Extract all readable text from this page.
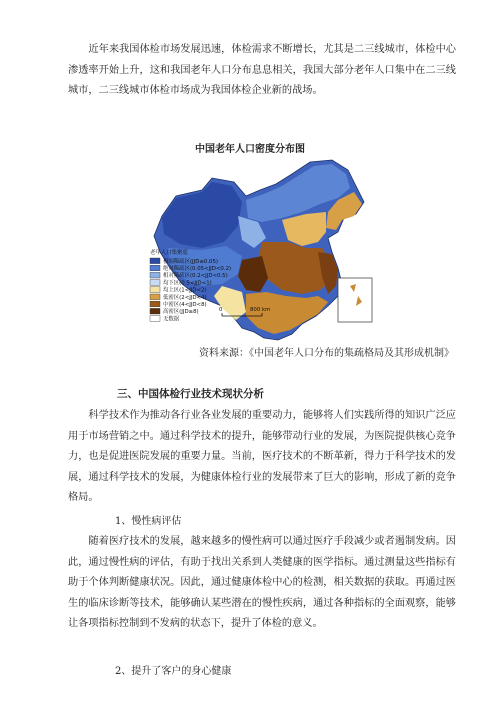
近年来我国体检市场发展迅速，体检需求不断增长，尤其是二三线城市，体检中心渗透率开始上升，这和我国老年人口分布息息相关，我国大部分老年人口集中在二三线城市，二三线城市体检市场成为我国体检企业新的战场。

中国老年人口密度分布图
老年人口集聚度
极端稀疏区(JJD≤0.05)
绝对稀疏区(0.05<JJD<0.2)
相对稀疏区(0.2<JJD<0.5)
均下区(0.5<JJD<1)
均上区(1<JJD<2)
低密区(2<JJD<4)
中密区(4<JJD<8)
高密区(JJD≥8)
无数据
0	800 km
资料来源：《中国老年人口分布的集疏格局及其形成机制》
三、中国体检行业技术现状分析

科学技术作为推动各行业各业发展的重要动力，能够将人们实践所得的知识广泛应用于市场营销之中。通过科学技术的提升，能够带动行业的发展，为医院提供核心竞争力，也是促进医院发展的重要力量。当前，医疗技术的不断革新，得力于科学技术的发展，通过科学技术的发展，为健康体检行业的发展带来了巨大的影响，形成了新的竞争格局。

1、慢性病评估

随着医疗技术的发展，越来越多的慢性病可以通过医疗手段减少或者遏制发病。因此，通过慢性病的评估，有助于找出关系到人类健康的医学指标。通过测量这些指标有助于个体判断健康状况。因此，通过健康体检中心的检测，相关数据的获取。再通过医生的临床诊断等技术，能够确认某些潜在的慢性疾病，通过各种指标的全面观察，能够让各项指标控制到不发病的状态下，提升了体检的意义。

2、提升了客户的身心健康
